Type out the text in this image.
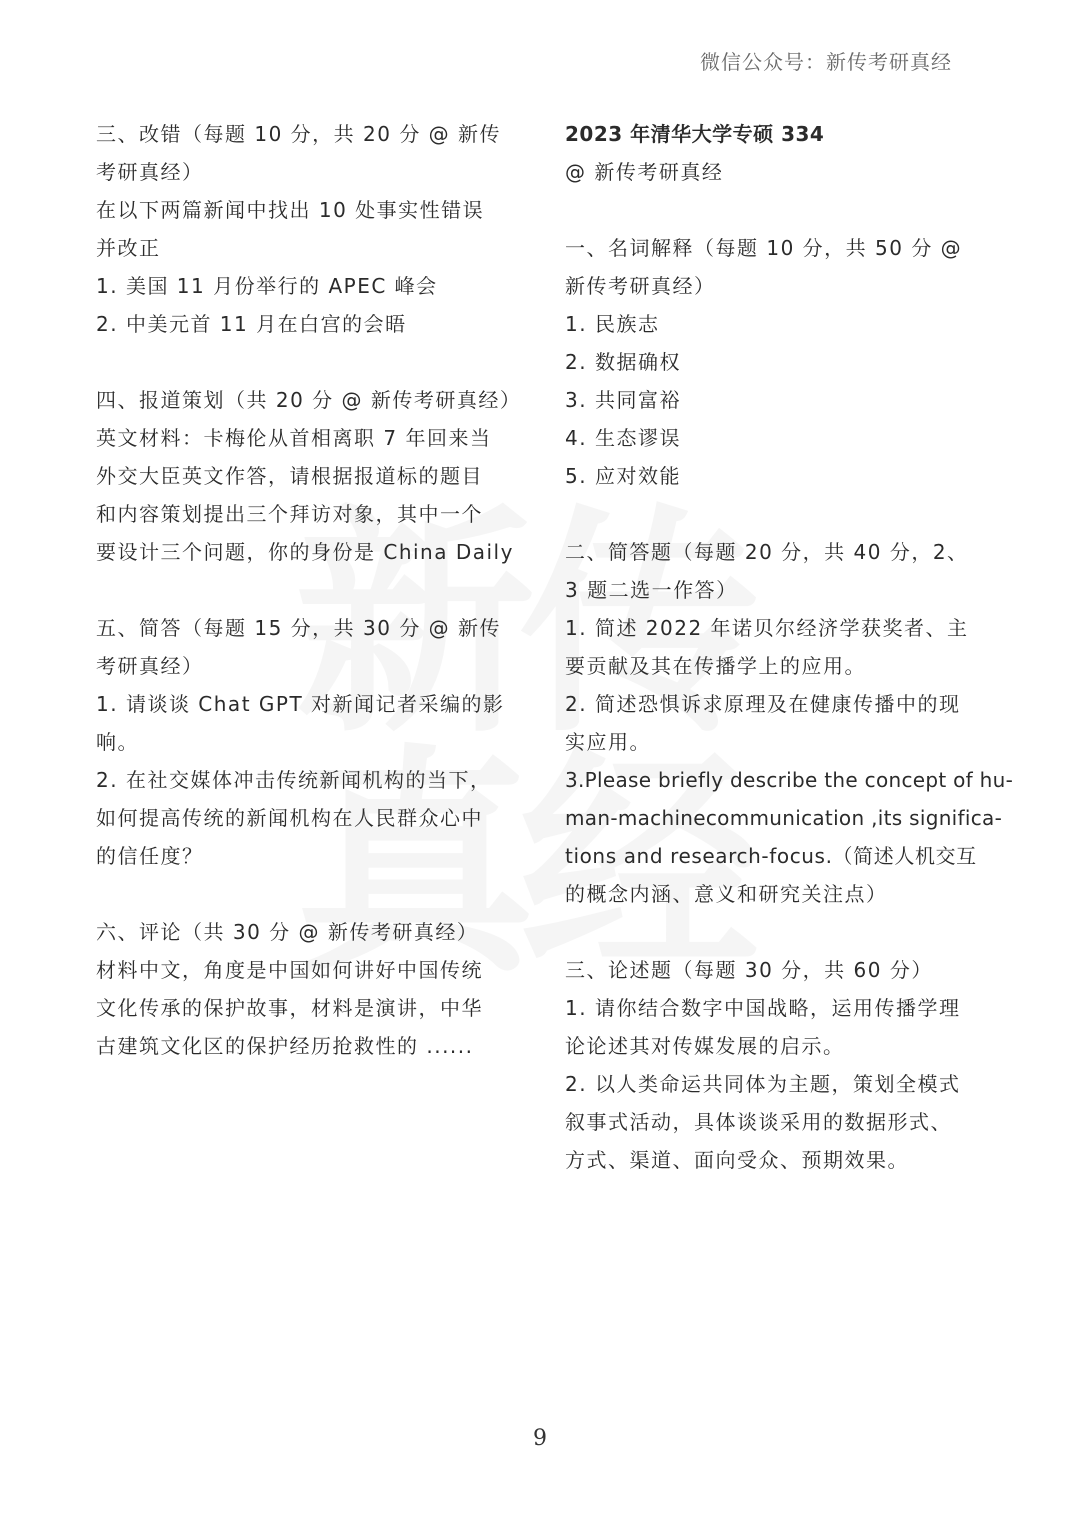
微信公众号：新传考研真经
三、改错（每题 10 分，共 20 分 @ 新传
考研真经）
在以下两篇新闻中找出 10 处事实性错误
并改正
1. 美国 11 月份举行的 APEC 峰会
2. 中美元首 11 月在白宫的会晤
四、报道策划（共 20 分 @ 新传考研真经）
英文材料：卡梅伦从首相离职 7 年回来当
外交大臣英文作答，请根据报道标的题目
和内容策划提出三个拜访对象，其中一个
要设计三个问题，你的身份是 China Daily
五、简答（每题 15 分，共 30 分 @ 新传
考研真经）
1. 请谈谈 Chat GPT 对新闻记者采编的影
响。
2. 在社交媒体冲击传统新闻机构的当下，
如何提高传统的新闻机构在人民群众心中
的信任度？
六、评论（共 30 分 @ 新传考研真经）
材料中文，角度是中国如何讲好中国传统
文化传承的保护故事，材料是演讲，中华
古建筑文化区的保护经历抢救性的 ......
2023 年清华大学专硕 334
@ 新传考研真经
一、名词解释（每题 10 分，共 50 分 @
新传考研真经）
1. 民族志
2. 数据确权
3. 共同富裕
4. 生态谬误
5. 应对效能
二、简答题（每题 20 分，共 40 分，2、
3 题二选一作答）
1. 简述 2022 年诺贝尔经济学获奖者、主
要贡献及其在传播学上的应用。
2. 简述恐惧诉求原理及在健康传播中的现
实应用。
3.Please briefly describe the concept of hu-
man-machinecommunication ,its significa-
tions and research-focus.（简述人机交互
的概念内涵、意义和研究关注点）
三、论述题（每题 30 分，共 60 分）
1. 请你结合数字中国战略，运用传播学理
论论述其对传媒发展的启示。
2. 以人类命运共同体为主题，策划全模式
叙事式活动，具体谈谈采用的数据形式、
方式、渠道、面向受众、预期效果。
9
